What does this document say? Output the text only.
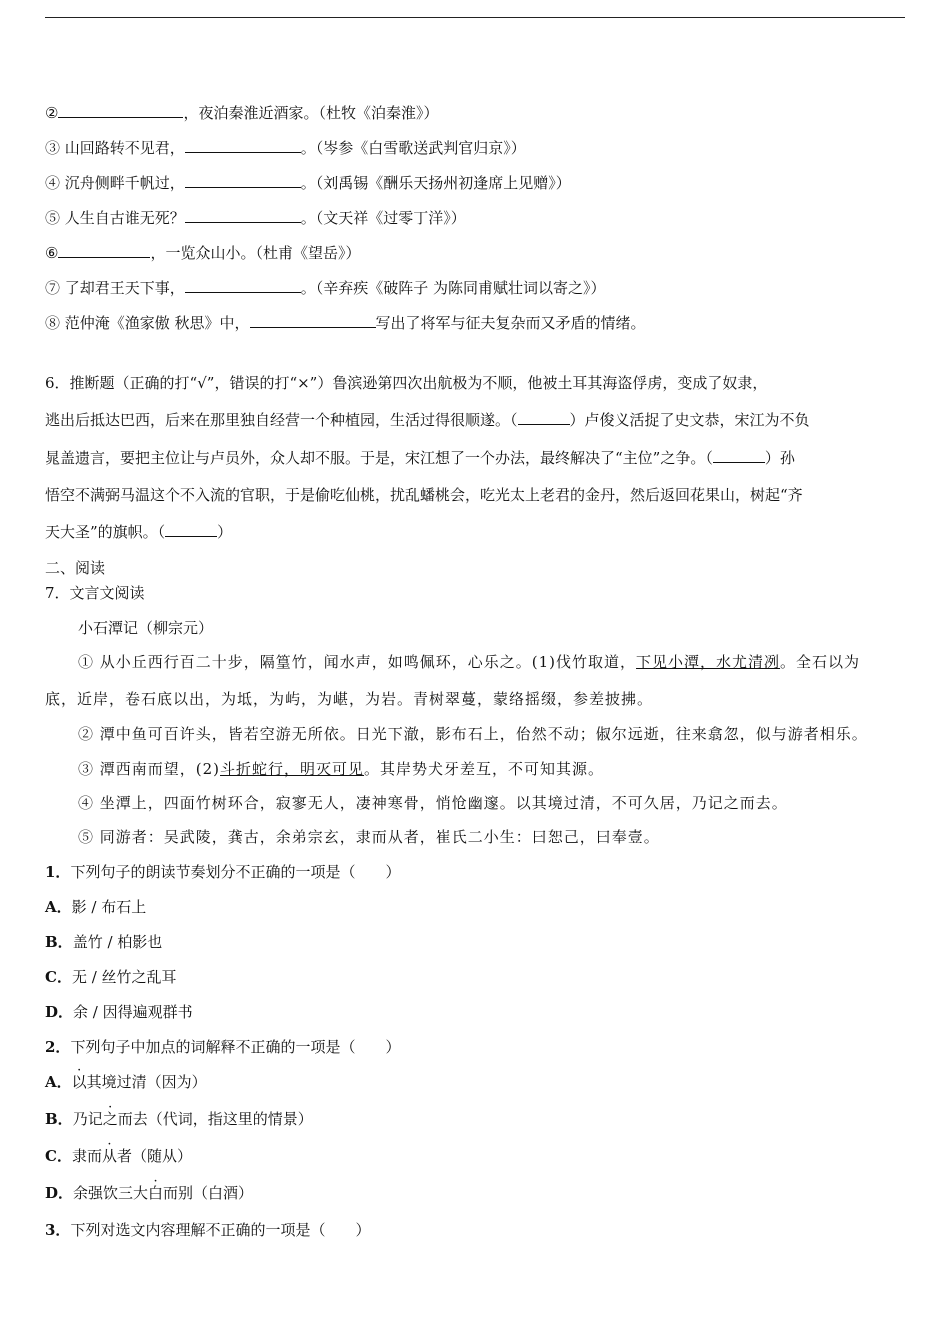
②	，夜泊秦淮近酒家。（杜牧《泊秦淮》）
③ 山回路转不见君，	。（岑参《白雪歌送武判官归京》）
④ 沉舟侧畔千帆过，	。（刘禹锡《酬乐天扬州初逢席上见赠》）
⑤ 人生自古谁无死？	。（文天祥《过零丁洋》）
⑥	，一览众山小。（杜甫《望岳》）
⑦ 了却君王天下事，	。（辛弃疾《破阵子 为陈同甫赋壮词以寄之》）
⑧ 范仲淹《渔家傲 秋思》中，	写出了将军与征夫复杂而又矛盾的情绪。
6．推断题（正确的打“√”，错误的打“×”）鲁滨逊第四次出航极为不顺，他被土耳其海盗俘虏，变成了奴隶，
逃出后抵达巴西，后来在那里独自经营一个种植园，生活过得很顺遂。（	）卢俊义活捉了史文恭，宋江为不负
晁盖遗言，要把主位让与卢员外，众人却不服。于是，宋江想了一个办法，最终解决了“主位”之争。（	）孙
悟空不满弼马温这个不入流的官职，于是偷吃仙桃，扰乱蟠桃会，吃光太上老君的金丹，然后返回花果山，树起“齐
天大圣”的旗帜。（	）
二、阅读
7．文言文阅读
小石潭记（柳宗元）
① 从小丘西行百二十步，隔篁竹，闻水声，如鸣佩环，心乐之。(1)伐竹取道，下见小潭，水尤清冽。全石以为
底，近岸，卷石底以出，为坻，为屿，为嵁，为岩。青树翠蔓，蒙络摇缀，参差披拂。
② 潭中鱼可百许头，皆若空游无所依。日光下澈，影布石上，佁然不动；俶尔远逝，往来翕忽，似与游者相乐。
③ 潭西南而望，(2)斗折蛇行，明灭可见。其岸势犬牙差互，不可知其源。
④ 坐潭上，四面竹树环合，寂寥无人，凄神寒骨，悄怆幽邃。以其境过清，不可久居，乃记之而去。
⑤ 同游者：吴武陵，龚古，余弟宗玄，隶而从者，崔氏二小生：曰恕己，曰奉壹。
1．下列句子的朗读节奏划分不正确的一项是（　　）
A．影 / 布石上
B．盖竹 / 柏影也
C．无 / 丝竹之乱耳
D．余 / 因得遍观群书
2．下列句子中加点的词解释不正确的一项是（　　）
A．以其境过清（因为）
B．乃记之而去（代词，指这里的情景）
C．隶而从者（随从）
D．余强饮三大白而别（白酒）
3．下列对选文内容理解不正确的一项是（　　）
